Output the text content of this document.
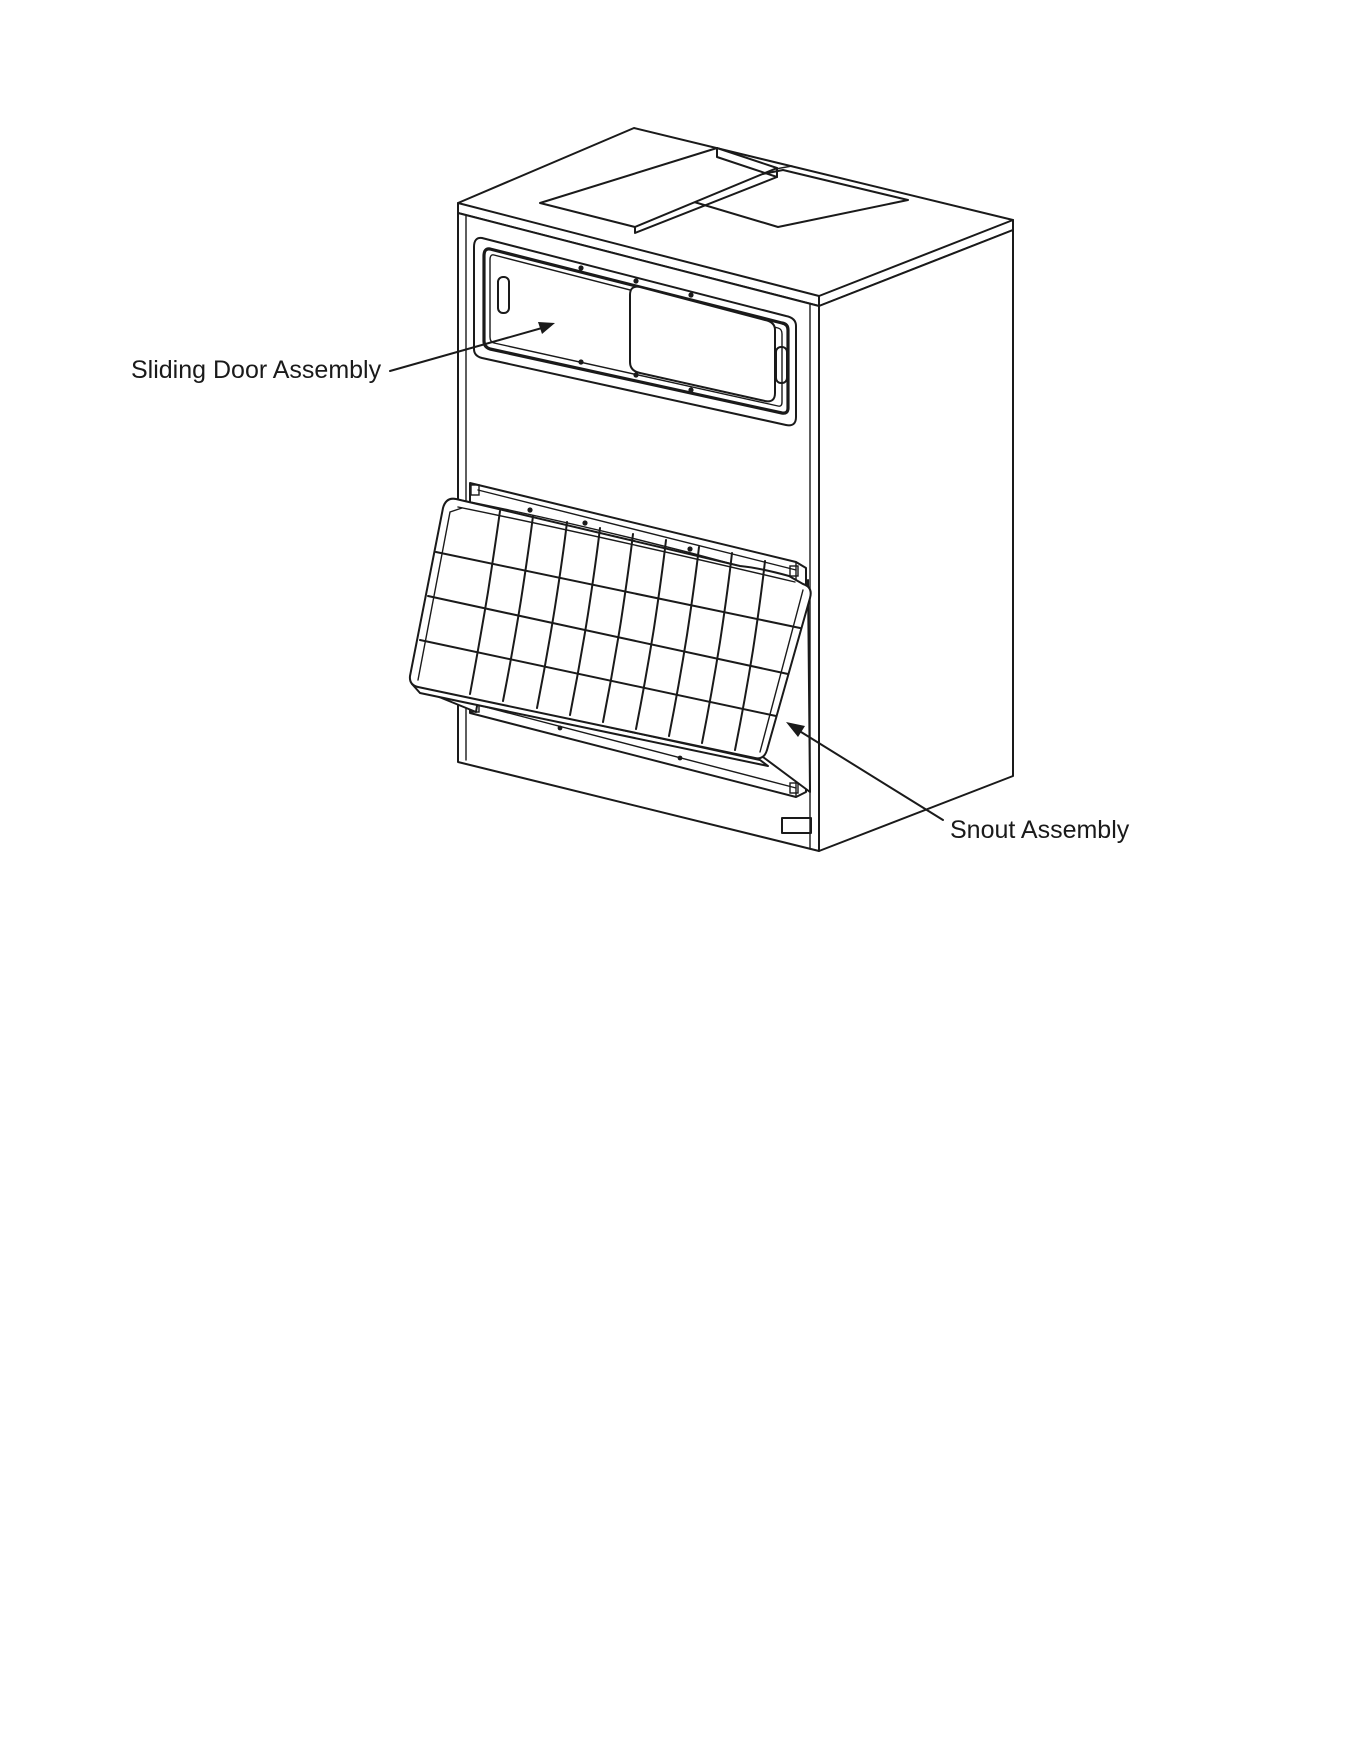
Sliding Door Assembly
Snout Assembly
